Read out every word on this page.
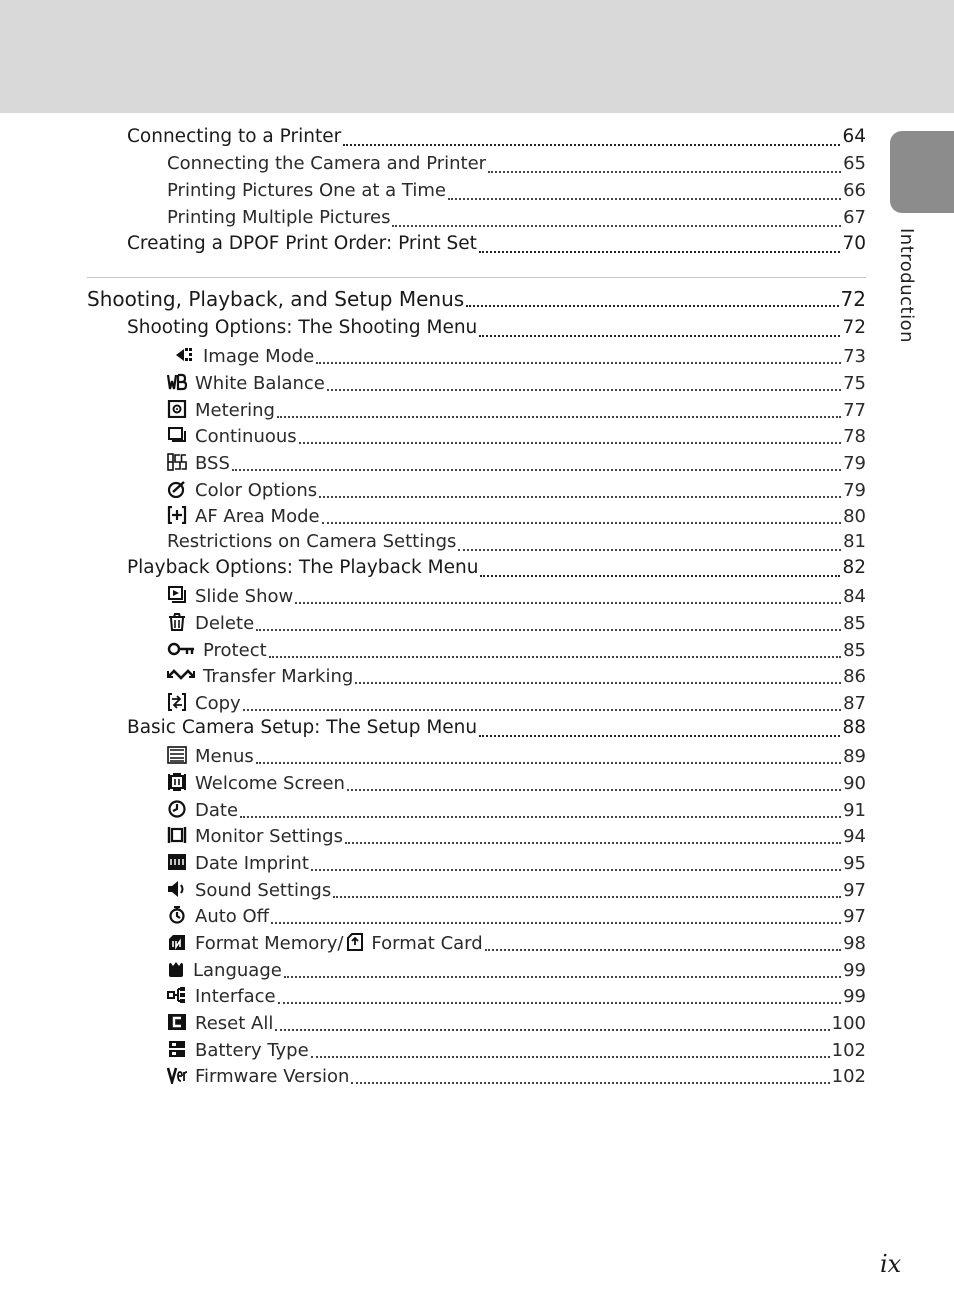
Introduction
Connecting to a Printer	64
Connecting the Camera and Printer	65
Printing Pictures One at a Time	66
Printing Multiple Pictures	67
Creating a DPOF Print Order: Print Set	70
Shooting, Playback, and Setup Menus	72
Shooting Options: The Shooting Menu	72
Image Mode	73
White Balance	75
Metering	77
Continuous	78
BSS	79
Color Options	79
AF Area Mode	80
Restrictions on Camera Settings	81
Playback Options: The Playback Menu	82
Slide Show	84
Delete	85
Protect	85
Transfer Marking	86
Copy	87
Basic Camera Setup: The Setup Menu	88
Menus	89
Welcome Screen	90
Date	91
Monitor Settings	94
Date Imprint	95
Sound Settings	97
Auto Off	97
Format Memory/ Format Card	98
Language	99
Interface	99
Reset All	100
Battery Type	102
Firmware Version	102
ix
